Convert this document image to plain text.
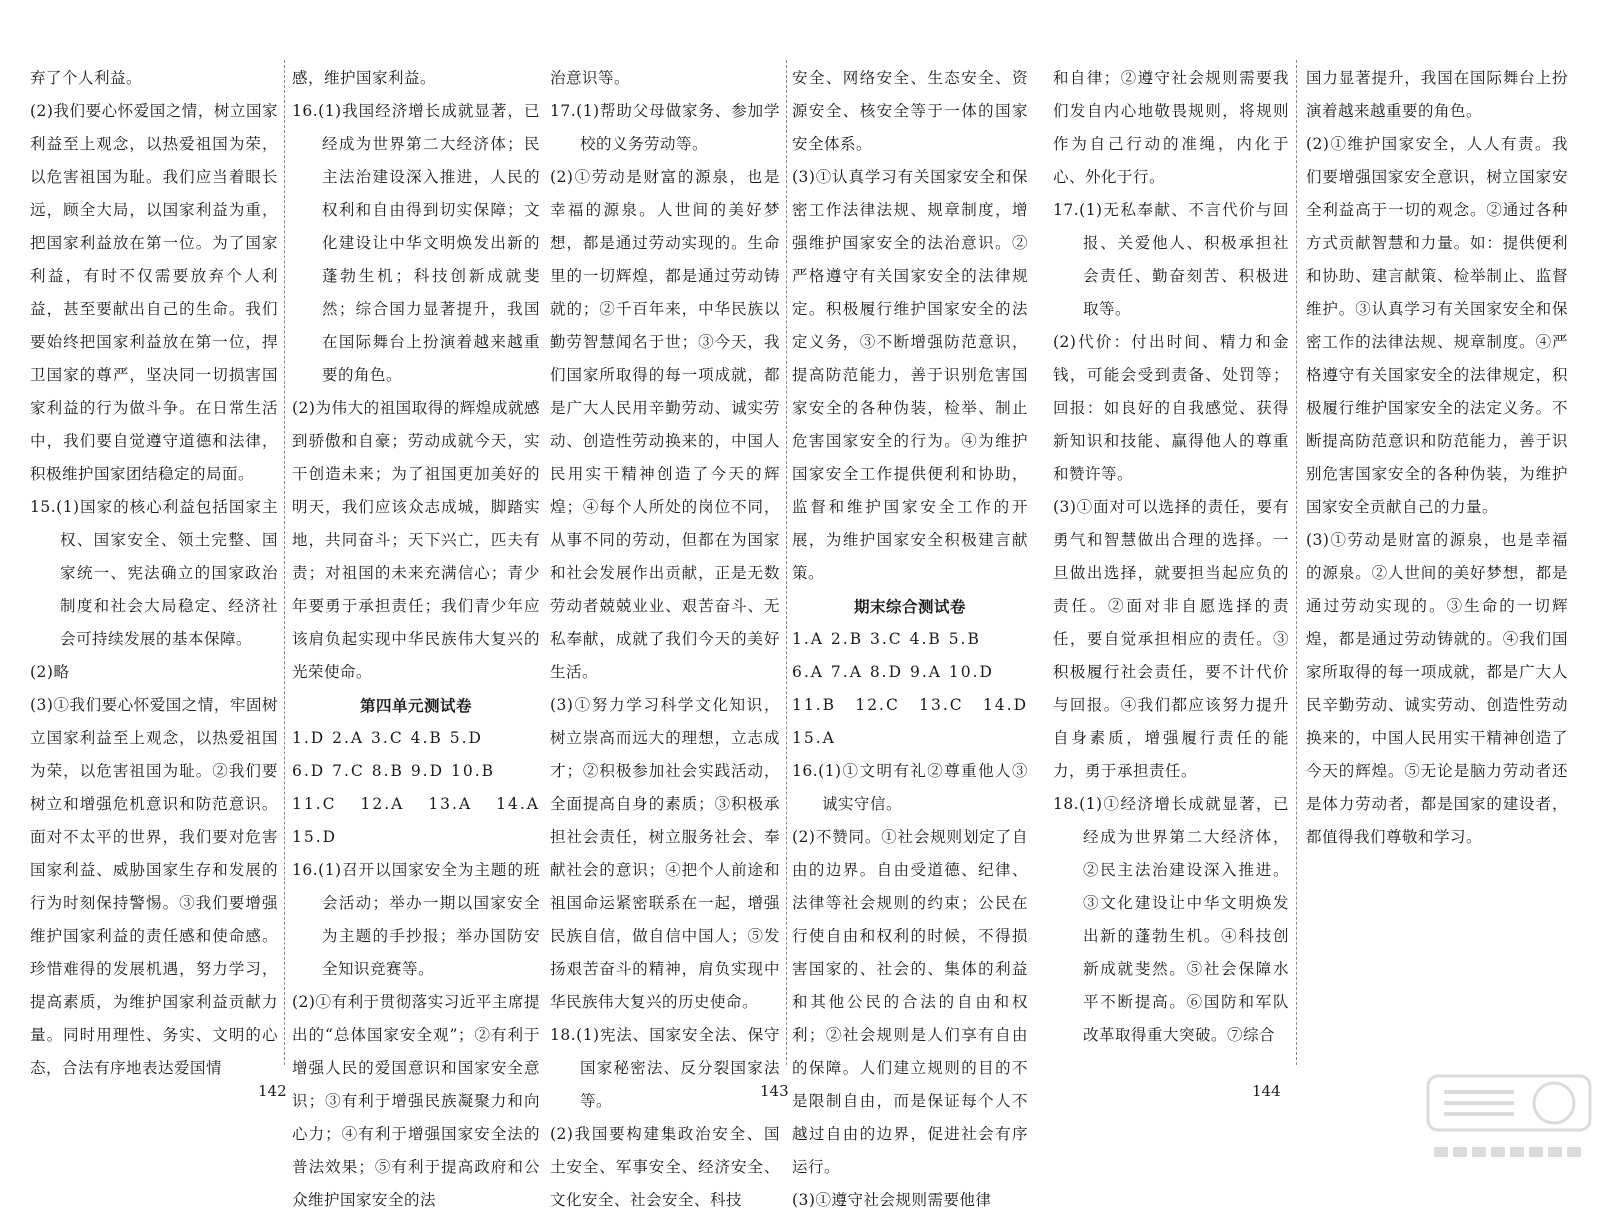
弃了个人利益。

(2)我们要心怀爱国之情，树立国家利益至上观念，以热爱祖国为荣，以危害祖国为耻。我们应当着眼长远，顾全大局，以国家利益为重，把国家利益放在第一位。为了国家利益，有时不仅需要放弃个人利益，甚至要献出自己的生命。我们要始终把国家利益放在第一位，捍卫国家的尊严，坚决同一切损害国家利益的行为做斗争。在日常生活中，我们要自觉遵守道德和法律，积极维护国家团结稳定的局面。

15.(1)国家的核心利益包括国家主权、国家安全、领土完整、国家统一、宪法确立的国家政治制度和社会大局稳定、经济社会可持续发展的基本保障。

(2)略

(3)①我们要心怀爱国之情，牢固树立国家利益至上观念，以热爱祖国为荣，以危害祖国为耻。②我们要树立和增强危机意识和防范意识。面对不太平的世界，我们要对危害国家利益、威胁国家生存和发展的行为时刻保持警惕。③我们要增强维护国家利益的责任感和使命感。珍惜难得的发展机遇，努力学习，提高素质，为维护国家利益贡献力量。同时用理性、务实、文明的心态，合法有序地表达爱国情

感，维护国家利益。

16.(1)我国经济增长成就显著，已经成为世界第二大经济体；民主法治建设深入推进，人民的权利和自由得到切实保障；文化建设让中华文明焕发出新的蓬勃生机；科技创新成就斐然；综合国力显著提升，我国在国际舞台上扮演着越来越重要的角色。

(2)为伟大的祖国取得的辉煌成就感到骄傲和自豪；劳动成就今天，实干创造未来；为了祖国更加美好的明天，我们应该众志成城，脚踏实地，共同奋斗；天下兴亡，匹夫有责；对祖国的未来充满信心；青少年要勇于承担责任；我们青少年应该肩负起实现中华民族伟大复兴的光荣使命。

第四单元测试卷

1.D 2.A 3.C 4.B 5.D

6.D 7.C 8.B 9.D 10.B

11.C 12.A 13.A 14.A 15.D

16.(1)召开以国家安全为主题的班会活动；举办一期以国家安全为主题的手抄报；举办国防安全知识竞赛等。

(2)①有利于贯彻落实习近平主席提出的“总体国家安全观”；②有利于增强人民的爱国意识和国家安全意识；③有利于增强民族凝聚力和向心力；④有利于增强国家安全法的普法效果；⑤有利于提高政府和公众维护国家安全的法

治意识等。

17.(1)帮助父母做家务、参加学校的义务劳动等。

(2)①劳动是财富的源泉，也是幸福的源泉。人世间的美好梦想，都是通过劳动实现的。生命里的一切辉煌，都是通过劳动铸就的；②千百年来，中华民族以勤劳智慧闻名于世；③今天，我们国家所取得的每一项成就，都是广大人民用辛勤劳动、诚实劳动、创造性劳动换来的，中国人民用实干精神创造了今天的辉煌；④每个人所处的岗位不同，从事不同的劳动，但都在为国家和社会发展作出贡献，正是无数劳动者兢兢业业、艰苦奋斗、无私奉献，成就了我们今天的美好生活。

(3)①努力学习科学文化知识，树立崇高而远大的理想，立志成才；②积极参加社会实践活动，全面提高自身的素质；③积极承担社会责任，树立服务社会、奉献社会的意识；④把个人前途和祖国命运紧密联系在一起，增强民族自信，做自信中国人；⑤发扬艰苦奋斗的精神，肩负实现中华民族伟大复兴的历史使命。

18.(1)宪法、国家安全法、保守国家秘密法、反分裂国家法等。

(2)我国要构建集政治安全、国土安全、军事安全、经济安全、文化安全、社会安全、科技

安全、网络安全、生态安全、资源安全、核安全等于一体的国家安全体系。

(3)①认真学习有关国家安全和保密工作法律法规、规章制度，增强维护国家安全的法治意识。②严格遵守有关国家安全的法律规定。积极履行维护国家安全的法定义务，③不断增强防范意识，提高防范能力，善于识别危害国家安全的各种伪装，检举、制止危害国家安全的行为。④为维护国家安全工作提供便利和协助，监督和维护国家安全工作的开展，为维护国家安全积极建言献策。

期末综合测试卷

1.A 2.B 3.C 4.B 5.B

6.A 7.A 8.D 9.A 10.D

11.B 12.C 13.C 14.D 15.A

16.(1)①文明有礼②尊重他人③诚实守信。

(2)不赞同。①社会规则划定了自由的边界。自由受道德、纪律、法律等社会规则的约束；公民在行使自由和权利的时候，不得损害国家的、社会的、集体的利益和其他公民的合法的自由和权利；②社会规则是人们享有自由的保障。人们建立规则的目的不是限制自由，而是保证每个人不越过自由的边界，促进社会有序运行。

(3)①遵守社会规则需要他律

和自律；②遵守社会规则需要我们发自内心地敬畏规则，将规则作为自己行动的准绳，内化于心、外化于行。

17.(1)无私奉献、不言代价与回报、关爱他人、积极承担社会责任、勤奋刻苦、积极进取等。

(2)代价：付出时间、精力和金钱，可能会受到责备、处罚等；回报：如良好的自我感觉、获得新知识和技能、赢得他人的尊重和赞许等。

(3)①面对可以选择的责任，要有勇气和智慧做出合理的选择。一旦做出选择，就要担当起应负的责任。②面对非自愿选择的责任，要自觉承担相应的责任。③积极履行社会责任，要不计代价与回报。④我们都应该努力提升自身素质，增强履行责任的能力，勇于承担责任。

18.(1)①经济增长成就显著，已经成为世界第二大经济体，②民主法治建设深入推进。③文化建设让中华文明焕发出新的蓬勃生机。④科技创新成就斐然。⑤社会保障水平不断提高。⑥国防和军队改革取得重大突破。⑦综合

国力显著提升，我国在国际舞台上扮演着越来越重要的角色。

(2)①维护国家安全，人人有责。我们要增强国家安全意识，树立国家安全利益高于一切的观念。②通过各种方式贡献智慧和力量。如：提供便利和协助、建言献策、检举制止、监督维护。③认真学习有关国家安全和保密工作的法律法规、规章制度。④严格遵守有关国家安全的法律规定，积极履行维护国家安全的法定义务。不断提高防范意识和防范能力，善于识别危害国家安全的各种伪装，为维护国家安全贡献自己的力量。

(3)①劳动是财富的源泉，也是幸福的源泉。②人世间的美好梦想，都是通过劳动实现的。③生命的一切辉煌，都是通过劳动铸就的。④我们国家所取得的每一项成就，都是广大人民辛勤劳动、诚实劳动、创造性劳动换来的，中国人民用实干精神创造了今天的辉煌。⑤无论是脑力劳动者还是体力劳动者，都是国家的建设者，都值得我们尊敬和学习。

142	143	144
